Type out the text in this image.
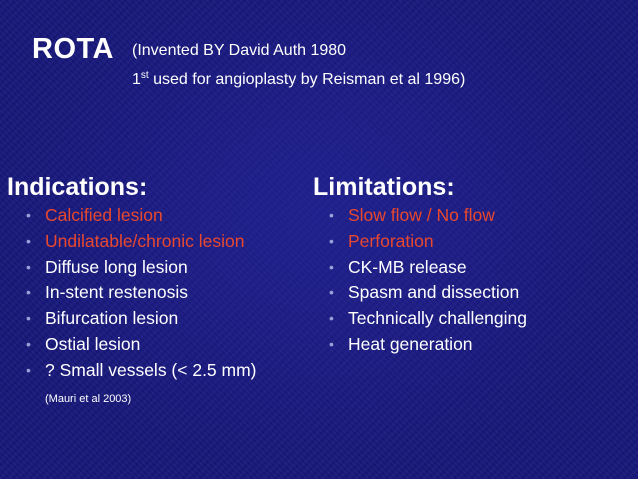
ROTA (Invented BY David Auth 1980
1st used for angioplasty by Reisman et al 1996)
Indications:
• Calcified lesion
• Undilatable/chronic lesion
• Diffuse long lesion
• In-stent restenosis
• Bifurcation lesion
• Ostial lesion
• ? Small vessels (< 2.5 mm)(Mauri et al 2003)
Limitations:
• Slow flow / No flow
• Perforation
• CK-MB release
• Spasm and dissection
• Technically challenging
• Heat generation
